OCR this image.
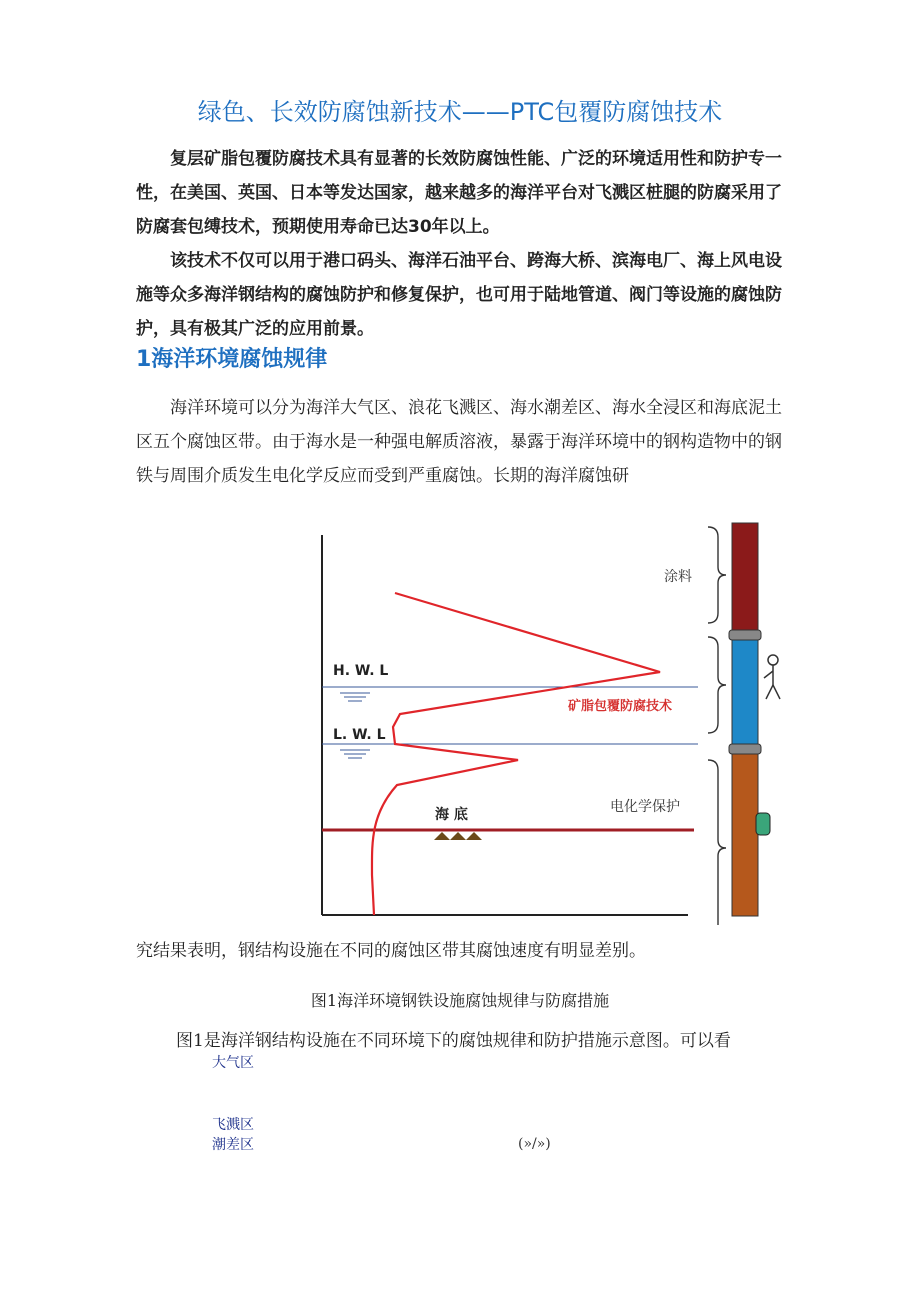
绿色、长效防腐蚀新技术——PTC包覆防腐蚀技术

复层矿脂包覆防腐技术具有显著的长效防腐蚀性能、广泛的环境适用性和防护专一性，在美国、英国、日本等发达国家，越来越多的海洋平台对飞溅区桩腿的防腐采用了防腐套包缚技术，预期使用寿命已达30年以上。

该技术不仅可以用于港口码头、海洋石油平台、跨海大桥、滨海电厂、海上风电设施等众多海洋钢结构的腐蚀防护和修复保护，也可用于陆地管道、阀门等设施的腐蚀防护，具有极其广泛的应用前景。

1海洋环境腐蚀规律

海洋环境可以分为海洋大气区、浪花飞溅区、海水潮差区、海水全浸区和海底泥土区五个腐蚀区带。由于海水是一种强电解质溶液，暴露于海洋环境中的钢构造物中的钢铁与周围介质发生电化学反应而受到严重腐蚀。长期的海洋腐蚀研

H. W. L
L. W. L
海 底
矿脂包覆防腐技术
涂料
电化学保护

究结果表明，钢结构设施在不同的腐蚀区带其腐蚀速度有明显差别。

图1海洋环境钢铁设施腐蚀规律与防腐措施
图1是海洋钢结构设施在不同环境下的腐蚀规律和防护措施示意图。可以看
大气区
飞溅区
潮差区	(»/»)
